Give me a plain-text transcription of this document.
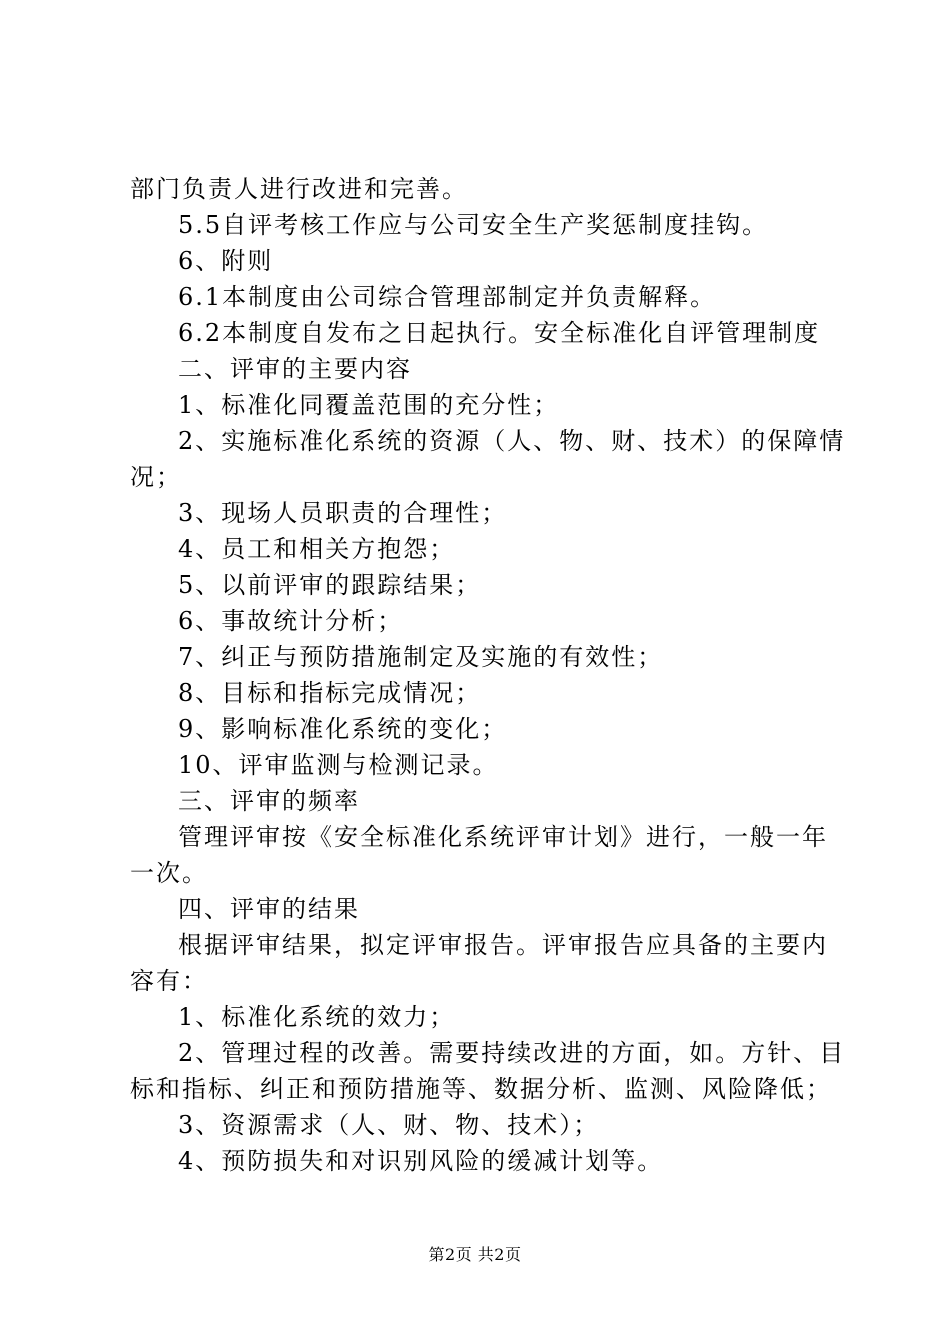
部门负责人进行改进和完善。
5.5自评考核工作应与公司安全生产奖惩制度挂钩。
6、附则
6.1本制度由公司综合管理部制定并负责解释。
6.2本制度自发布之日起执行。安全标准化自评管理制度
二、评审的主要内容
1、标准化同覆盖范围的充分性；
2、实施标准化系统的资源（人、物、财、技术）的保障情
况；
3、现场人员职责的合理性；
4、员工和相关方抱怨；
5、以前评审的跟踪结果；
6、事故统计分析；
7、纠正与预防措施制定及实施的有效性；
8、目标和指标完成情况；
9、影响标准化系统的变化；
10、评审监测与检测记录。
三、评审的频率
管理评审按《安全标准化系统评审计划》进行，一般一年
一次。
四、评审的结果
根据评审结果，拟定评审报告。评审报告应具备的主要内
容有：
1、标准化系统的效力；
2、管理过程的改善。需要持续改进的方面，如。方针、目
标和指标、纠正和预防措施等、数据分析、监测、风险降低；
3、资源需求（人、财、物、技术）；
4、预防损失和对识别风险的缓减计划等。
第2页 共2页
